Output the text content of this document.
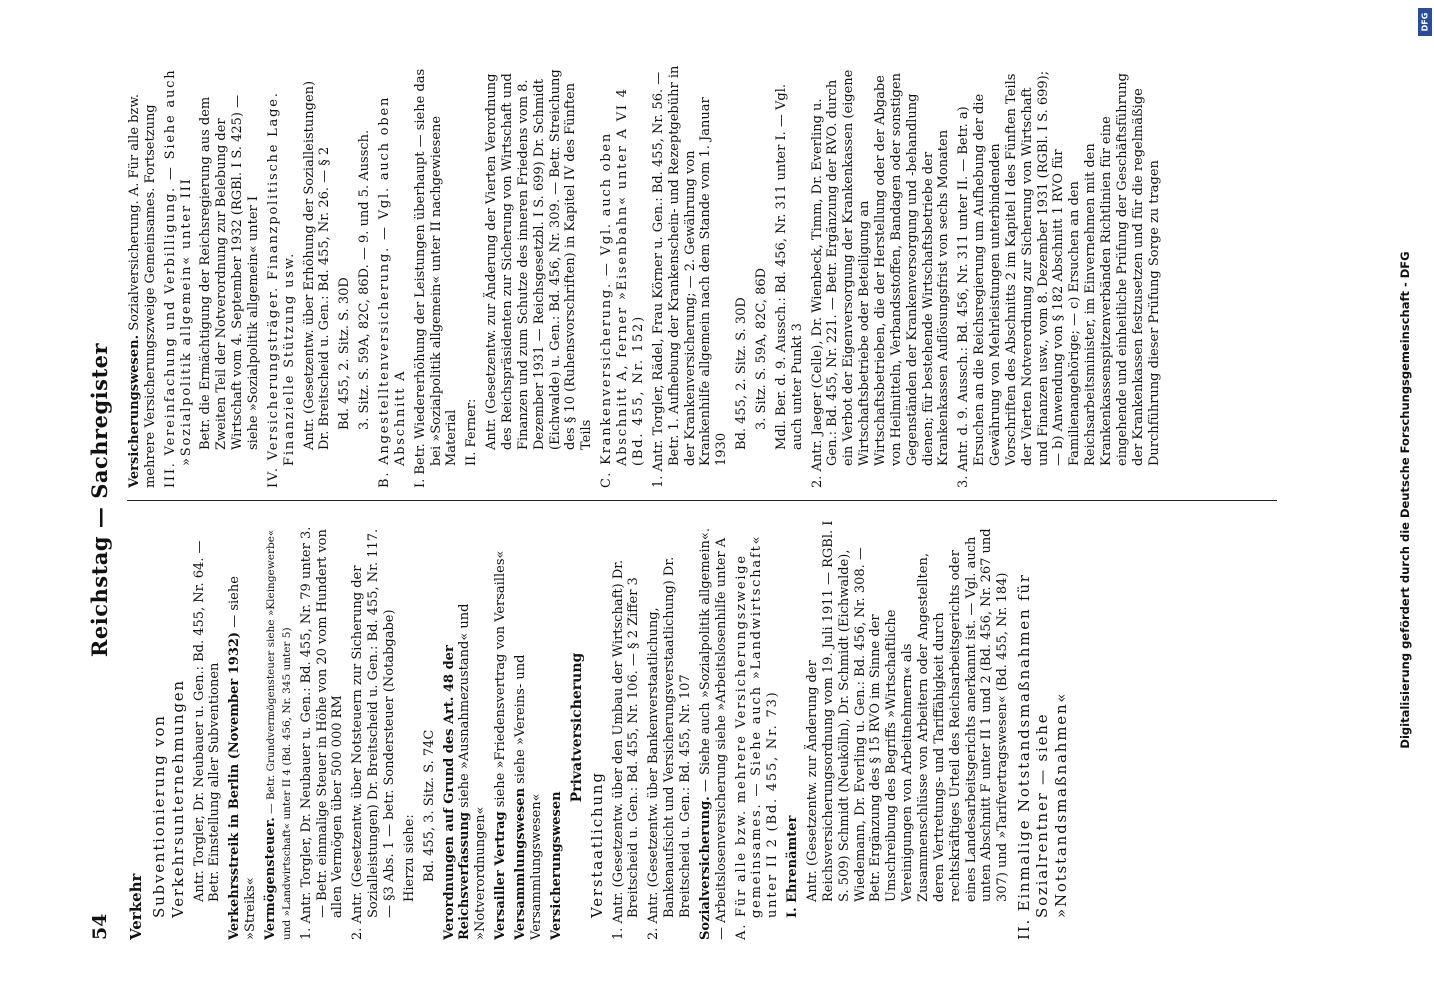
54
Reichstag — Sachregister
Verkehr Subventionierung von Verkehrsunternehmungen Antr. Torgler, Dr. Neubauer u. Gen.: Bd. 455, Nr. 64. — Betr. Einstellung aller Subventionen Verkehrsstreik in Berlin (November 1932) — siehe »Streiks« Vermögensteuer. — Betr. Grundvermögensteuer siehe »Kleingewerbe« und »Landwirtschaft« unter II 4 (Bd. 456, Nr. 345 unter 5) 1. Antr. Torgler, Dr. Neubauer u. Gen.: Bd. 455, Nr. 79 unter 3. — Betr. einmalige Steuer in Höhe von 20 vom Hundert von allen Vermögen über 500 000 RM 2. Antr. (Gesetzentw. über Notsteuern zur Sicherung der Sozialleistungen) Dr. Breitscheid u. Gen.: Bd. 455, Nr. 117. — §3 Abs. 1 — betr. Sondersteuer (Notabgabe) Hierzu siehe: Bd. 455, 3. Sitz. S. 74C Verordnungen auf Grund des Art. 48 der Reichsverfassung siehe »Ausnahmezustand« und »Notverordnungen« Versailler Vertrag siehe »Friedensvertrag von Versailles«
Versammlungswesen siehe »Vereins- und Versammlungswesen« Versicherungswesen
Privatversicherung
Verstaatlichung 1. Antr. (Gesetzentw. über den Umbau der Wirtschaft) Dr. Breitscheid u. Gen.: Bd. 455, Nr. 106. — § 2 Ziffer 3 2. Antr. (Gesetzentw. über Bankenverstaatlichung, Bankenaufsicht und Versicherungsverstaatlichung) Dr. Breitscheid u. Gen.: Bd. 455, Nr. 107 Sozialversicherung. — Siehe auch »Sozialpolitik allgemein«. — Arbeitslosenversicherung siehe »Arbeitslosenhilfe unter A A. Für alle bzw. mehrere Versicherungszweige gemeinsames. — Siehe auch »Landwirtschaft« unter II 2 (Bd. 455, Nr. 73) I. Ehrenämter Antr. (Gesetzentw. zur Änderung der Reichsversicherungsordnung vom 19. Juli 1911 — RGBl. I S. 509) Schmidt (Neukölln), Dr. Schmidt (Eichwalde), Wiedemann, Dr. Everling u. Gen.: Bd. 456, Nr. 308. — Betr. Ergänzung des § 15 RVO im Sinne der Umschreibung des Begriffs »Wirtschaftliche Vereinigungen von Arbeitnehmern« als Zusammenschlüsse von Arbeitern oder Angestellten, deren Vertretungs- und Tariffähigkeit durch rechtskräftiges Urteil des Reichsarbeitsgerichts oder eines Landesarbeitsgerichts anerkannt ist. — Vgl. auch unten Abschnitt F unter II 1 und 2 (Bd. 456, Nr. 267 und 307) und »Tarifvertragswesen« (Bd. 455, Nr. 184) II. Einmalige Notstandsmaßnahmen für Sozialrentner — siehe »Notstandsmaßnahmen«
Versicherungswesen. Sozialversicherung. A. Für alle bzw. mehrere Versicherungszweige Gemeinsames. Fortsetzung III. Vereinfachung und Verbilligung. — Siehe auch »Sozialpolitik allgemein« unter III Betr. die Ermächtigung der Reichsregierung aus dem Zweiten Teil der Notverordnung zur Belebung der Wirtschaft vom 4. September 1932 (RGBl. I S. 425) — siehe »Sozialpolitik allgemein« unter I IV. Versicherungsträger. Finanzpolitische Lage. Finanzielle Stützung usw. Antr. (Gesetzentw. über Erhöhung der Sozialleistungen) Dr. Breitscheid u. Gen.: Bd. 455, Nr. 26. — § 2 Bd. 455, 2. Sitz. S. 30D 3. Sitz. S. 59A, 82C, 86D. — 9. und 5. Aussch. B. Angestelltenversicherung. — Vgl. auch oben Abschnitt A I. Betr. Wiedererhöhung der Leistungen überhaupt — siehe das bei »Sozialpolitik allgemein« unter II nachgewiesene Material II. Ferner: Antr. (Gesetzentw. zur Änderung der Vierten Verordnung des Reichspräsidenten zur Sicherung von Wirtschaft und Finanzen und zum Schutze des inneren Friedens vom 8. Dezember 1931 — Reichsgesetzbl. I S. 699) Dr. Schmidt (Eichwalde) u. Gen.: Bd. 456, Nr. 309. — Betr. Streichung des § 10 (Ruhensvorschriften) in Kapitel IV des Fünften Teils C. Krankenversicherung. — Vgl. auch oben Abschnitt A, ferner »Eisenbahn« unter A VI 4 (Bd. 455, Nr. 152) 1. Antr. Torgler, Rädel, Frau Körner u. Gen.: Bd. 455, Nr. 56. — Betr. 1. Aufhebung der Krankenschein- und Rezeptgebühr in der Krankenversicherung; — 2. Gewährung von Krankenhilfe allgemein nach dem Stande vom 1. Januar 1930 Bd. 455, 2. Sitz. S. 30D 3. Sitz. S. 59A, 82C, 86D Mdl. Ber. d. 9. Aussch.: Bd. 456, Nr. 311 unter I. — Vgl. auch unter Punkt 3 2. Antr. Jaeger (Celle), Dr. Wienbeck, Timm, Dr. Everling u. Gen.: Bd. 455, Nr. 221. — Betr. Ergänzung der RVO. durch ein Verbot der Eigenversorgung der Krankenkassen (eigene Wirtschaftsbetriebe oder Beteiligung an Wirtschaftsbetrieben, die der Herstellung oder der Abgabe von Heilmitteln, Verbandsstoffen, Bandagen oder sonstigen Gegenständen der Krankenversorgung und -behandlung dienen; für bestehende Wirtschaftsbetriebe der Krankenkassen Auflösungsfrist von sechs Monaten 3. Antr. d. 9. Aussch.: Bd. 456, Nr. 311 unter II. — Betr. a) Ersuchen an die Reichsregierung um Aufhebung der die Gewährung von Mehrleistungen unterbindenden Vorschriften des Abschnitts 2 im Kapitel I des Fünften Teils der Vierten Notverordnung zur Sicherung von Wirtschaft und Finanzen usw., vom 8. Dezember 1931 (RGBl. I S. 699); — b) Anwendung von § 182 Abschnitt 1 RVO für Familienangehörige; — c) Ersuchen an den Reichsarbeitsminister, im Einvernehmen mit den Krankenkassenspitzenverbänden Richtlinien für eine eingehende und einheitliche Prüfung der Geschäftsführung der Krankenkassen festzusetzen und für die regelmäßige Durchführung dieser Prüfung Sorge zu tragen	Digitalisierung gefördert durch die Deutsche Forschungsgemeinschaft - DFG
DFG
